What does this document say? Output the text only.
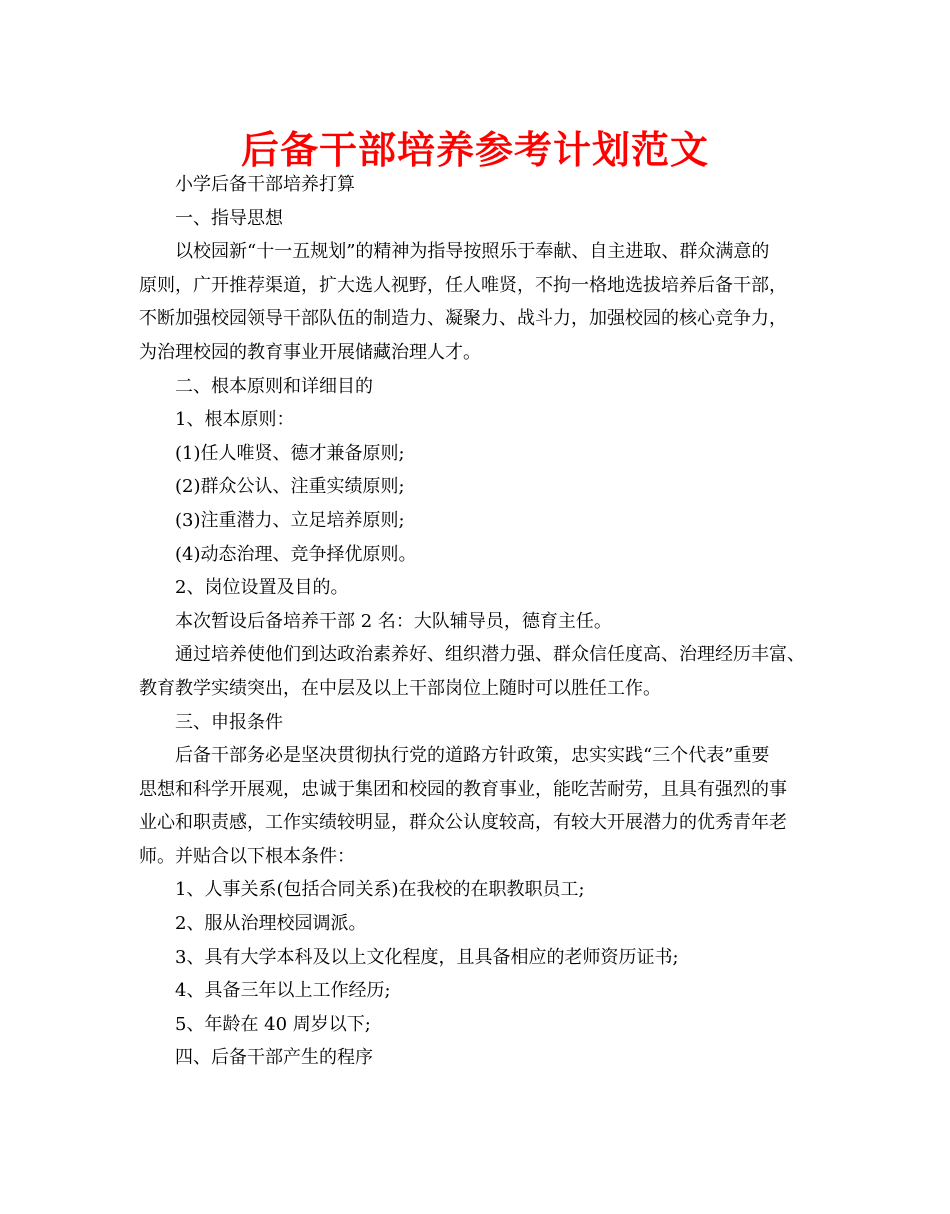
后备干部培养参考计划范文
小学后备干部培养打算
一、指导思想
以校园新“十一五规划”的精神为指导按照乐于奉献、自主进取、群众满意的
原则，广开推荐渠道，扩大选人视野，任人唯贤，不拘一格地选拔培养后备干部，
不断加强校园领导干部队伍的制造力、凝聚力、战斗力，加强校园的核心竞争力，
为治理校园的教育事业开展储藏治理人才。
二、根本原则和详细目的
1、根本原则：
(1)任人唯贤、德才兼备原则;
(2)群众公认、注重实绩原则;
(3)注重潜力、立足培养原则;
(4)动态治理、竞争择优原则。
2、岗位设置及目的。
本次暂设后备培养干部 2 名：大队辅导员，德育主任。
通过培养使他们到达政治素养好、组织潜力强、群众信任度高、治理经历丰富、
教育教学实绩突出，在中层及以上干部岗位上随时可以胜任工作。
三、申报条件
后备干部务必是坚决贯彻执行党的道路方针政策，忠实实践“三个代表”重要
思想和科学开展观，忠诚于集团和校园的教育事业，能吃苦耐劳，且具有强烈的事
业心和职责感，工作实绩较明显，群众公认度较高，有较大开展潜力的优秀青年老
师。并贴合以下根本条件：
1、人事关系(包括合同关系)在我校的在职教职员工;
2、服从治理校园调派。
3、具有大学本科及以上文化程度，且具备相应的老师资历证书;
4、具备三年以上工作经历;
5、年龄在 40 周岁以下;
四、后备干部产生的程序
